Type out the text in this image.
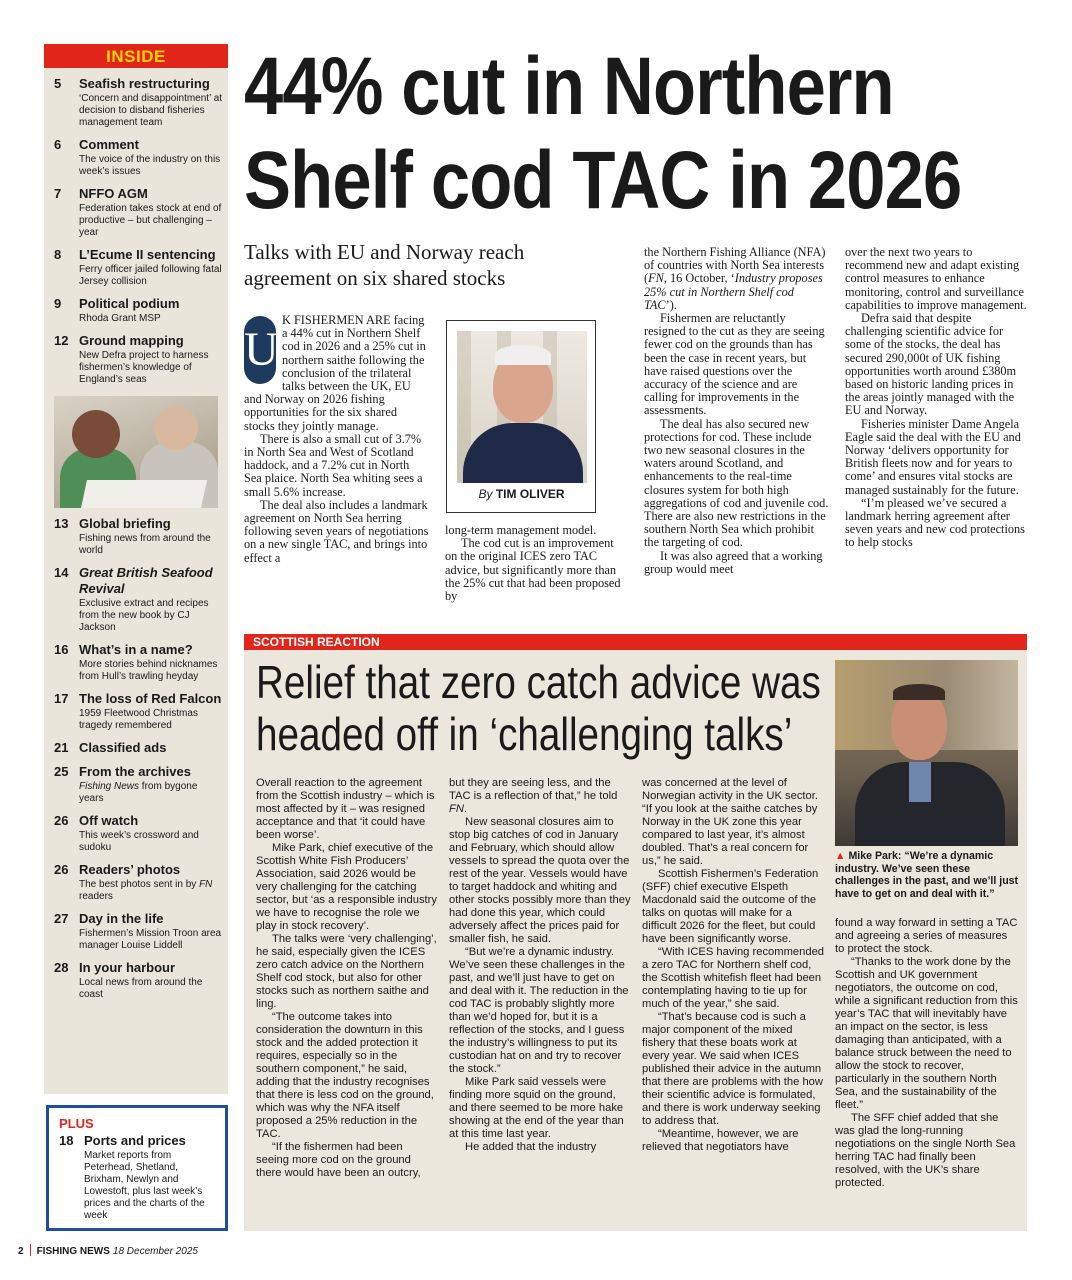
INSIDE
5	Seafish restructuring
‘Concern and disappointment’ at decision to disband fisheries management team
6	Comment
The voice of the industry on this week’s issues
7	NFFO AGM
Federation takes stock at end of productive – but challenging – year
8	L’Ecume II sentencing
Ferry officer jailed following fatal Jersey collision
9	Political podium
Rhoda Grant MSP
12 Ground mapping
New Defra project to harness fishermen’s knowledge of England’s seas
13 Global briefing
Fishing news from around the world
14 Great British Seafood Revival
Exclusive extract and recipes from the new book by CJ Jackson
16 What’s in a name?
More stories behind nicknames from Hull’s trawling heyday
17 The loss of Red Falcon
1959 Fleetwood Christmas tragedy remembered
21 Classified ads
25 From the archives
Fishing News from bygone years
26 Off watch
This week’s crossword and sudoku
26 Readers’ photos
The best photos sent in by FN readers
27 Day in the life
Fishermen’s Mission Troon area manager Louise Liddell
28 In your harbour
Local news from around the coast
PLUS
18 Ports and prices
Market reports from Peterhead, Shetland, Brixham, Newlyn and Lowestoft, plus last week’s prices and the charts of the week
44% cut in Northern
Shelf cod TAC in 2026
Talks with EU and Norway reach agreement on six shared stocks

U
K FISHERMEN ARE facing a 44% cut in Northern Shelf cod in 2026 and a 25% cut in northern saithe following the conclusion of the trilateral talks between the UK, EU and Norway on 2026 fishing opportunities for the six shared stocks they jointly manage.

There is also a small cut of 3.7% in North Sea and West of Scotland haddock, and a 7.2% cut in North Sea plaice. North Sea whiting sees a small 5.6% increase.

The deal also includes a landmark agreement on North Sea herring following seven years of negotiations on a new single TAC, and brings into effect a

By TIM OLIVER

long-term management model.

The cod cut is an improvement on the original ICES zero TAC advice, but significantly more than the 25% cut that had been proposed by

the Northern Fishing Alliance (NFA) of countries with North Sea interests (FN, 16 October, ‘Industry proposes 25% cut in Northern Shelf cod TAC’).

Fishermen are reluctantly resigned to the cut as they are seeing fewer cod on the grounds than has been the case in recent years, but have raised questions over the accuracy of the science and are calling for improvements in the assessments.

The deal has also secured new protections for cod. These include two new seasonal closures in the waters around Scotland, and enhancements to the real-time closures system for both high aggregations of cod and juvenile cod. There are also new restrictions in the southern North Sea which prohibit the targeting of cod.

It was also agreed that a working group would meet

over the next two years to recommend new and adapt existing control measures to enhance monitoring, control and surveillance capabilities to improve management.

Defra said that despite challenging scientific advice for some of the stocks, the deal has secured 290,000t of UK fishing opportunities worth around £380m based on historic landing prices in the areas jointly managed with the EU and Norway.

Fisheries minister Dame Angela Eagle said the deal with the EU and Norway ‘delivers opportunity for British fleets now and for years to come’ and ensures vital stocks are managed sustainably for the future.

“I’m pleased we’ve secured a landmark herring agreement after seven years and new cod protections to help stocks

SCOTTISH REACTION
Relief that zero catch advice was
headed off in ‘challenging talks’
▲ Mike Park: “We’re a dynamic industry. We’ve seen these challenges in the past, and we’ll just have to get on and deal with it.”

Overall reaction to the agreement from the Scottish industry – which is most affected by it – was resigned acceptance and that ‘it could have been worse’.

Mike Park, chief executive of the Scottish White Fish Producers’ Association, said 2026 would be very challenging for the catching sector, but ‘as a responsible industry we have to recognise the role we play in stock recovery’.

The talks were ‘very challenging’, he said, especially given the ICES zero catch advice on the Northern Shelf cod stock, but also for other stocks such as northern saithe and ling.

“The outcome takes into consideration the downturn in this stock and the added protection it requires, especially so in the southern component,” he said, adding that the industry recognises that there is less cod on the ground, which was why the NFA itself proposed a 25% reduction in the TAC.

“If the fishermen had been seeing more cod on the ground there would have been an outcry,

but they are seeing less, and the TAC is a reflection of that,” he told FN.

New seasonal closures aim to stop big catches of cod in January and February, which should allow vessels to spread the quota over the rest of the year. Vessels would have to target haddock and whiting and other stocks possibly more than they had done this year, which could adversely affect the prices paid for smaller fish, he said.

“But we’re a dynamic industry. We’ve seen these challenges in the past, and we’ll just have to get on and deal with it. The reduction in the cod TAC is probably slightly more than we’d hoped for, but it is a reflection of the stocks, and I guess the industry’s willingness to put its custodian hat on and try to recover the stock.”

Mike Park said vessels were finding more squid on the ground, and there seemed to be more hake showing at the end of the year than at this time last year.

He added that the industry

was concerned at the level of Norwegian activity in the UK sector. “If you look at the saithe catches by Norway in the UK zone this year compared to last year, it’s almost doubled. That’s a real concern for us,” he said.

Scottish Fishermen’s Federation (SFF) chief executive Elspeth Macdonald said the outcome of the talks on quotas will make for a difficult 2026 for the fleet, but could have been significantly worse.

“With ICES having recommended a zero TAC for Northern shelf cod, the Scottish whitefish fleet had been contemplating having to tie up for much of the year,” she said.

“That’s because cod is such a major component of the mixed fishery that these boats work at every year. We said when ICES published their advice in the autumn that there are problems with the how their scientific advice is formulated, and there is work underway seeking to address that.

“Meantime, however, we are relieved that negotiators have

found a way forward in setting a TAC and agreeing a series of measures to protect the stock.

“Thanks to the work done by the Scottish and UK government negotiators, the outcome on cod, while a significant reduction from this year’s TAC that will inevitably have an impact on the sector, is less damaging than anticipated, with a balance struck between the need to allow the stock to recover, particularly in the southern North Sea, and the sustainability of the fleet.”

The SFF chief added that she was glad the long-running negotiations on the single North Sea herring TAC had finally been resolved, with the UK’s share protected.

2 FISHING NEWS 18 December 2025
